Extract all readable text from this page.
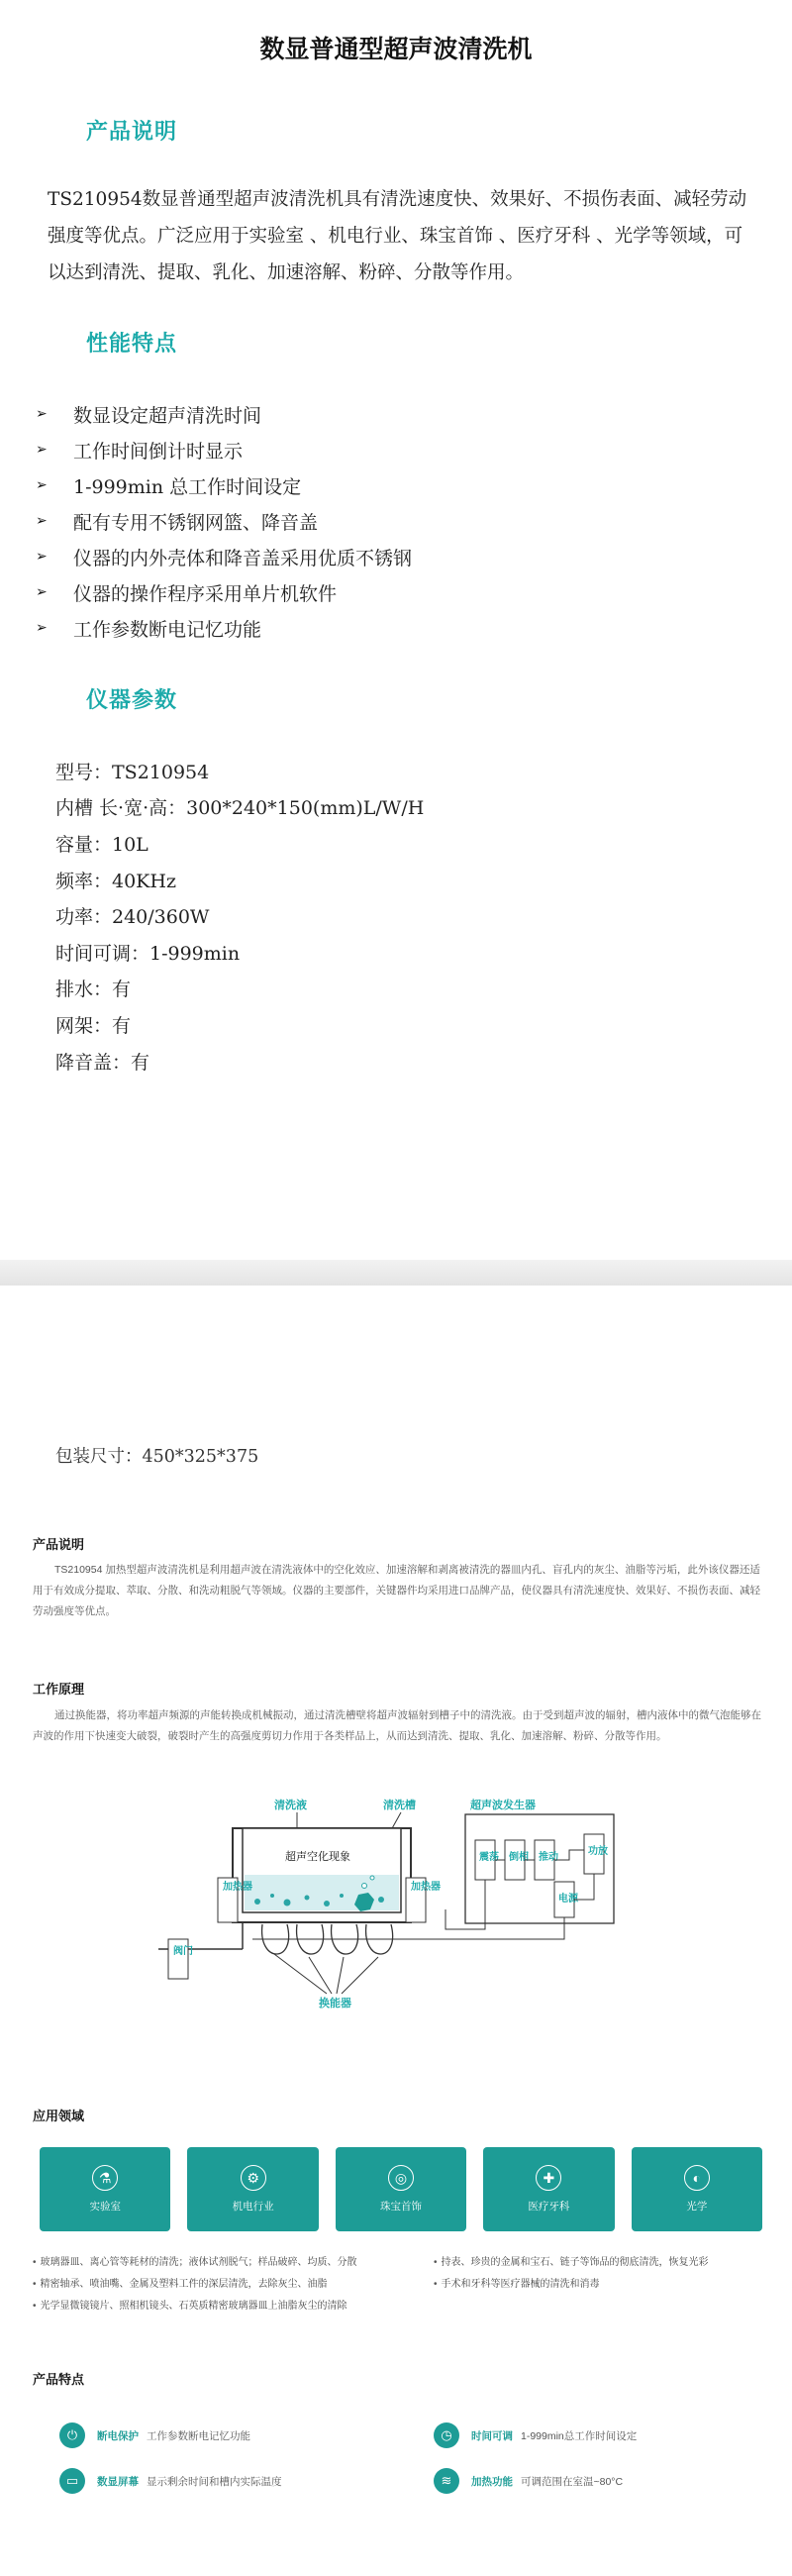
数显普通型超声波清洗机
产品说明
TS210954数显普通型超声波清洗机具有清洗速度快、效果好、不损伤表面、减轻劳动强度等优点。广泛应用于实验室 、机电行业、珠宝首饰 、医疗牙科 、光学等领域，可以达到清洗、提取、乳化、加速溶解、粉碎、分散等作用。
性能特点
➢	数显设定超声清洗时间
➢	工作时间倒计时显示
➢	1-999min 总工作时间设定
➢	配有专用不锈钢网篮、降音盖
➢	仪器的内外壳体和降音盖采用优质不锈钢
➢	仪器的操作程序采用单片机软件
➢	工作参数断电记忆功能
仪器参数
型号：TS210954
内槽 长·宽·高：300*240*150(mm)L/W/H
容量：10L
频率：40KHz
功率：240/360W
时间可调：1-999min
排水：有
网架：有
降音盖：有
包装尺寸：450*325*375
产品说明
TS210954 加热型超声波清洗机是利用超声波在清洗液体中的空化效应、加速溶解和剥离被清洗的器皿内孔、盲孔内的灰尘、油脂等污垢，此外该仪器还适用于有效成分提取、萃取、分散、和洗动粗脱气等领域。仪器的主要部件，关键器件均采用进口品牌产品，使仪器具有清洗速度快、效果好、不损伤表面、减轻劳动强度等优点。
工作原理
通过换能器，将功率超声频源的声能转换成机械振动，通过清洗槽壁将超声波辐射到槽子中的清洗液。由于受到超声波的辐射，槽内液体中的微气泡能够在声波的作用下快速变大破裂，破裂时产生的高强度剪切力作用于各类样品上，从而达到清洗、提取、乳化、加速溶解、粉碎、分散等作用。
清洗液	清洗槽	超声波发生器
超声空化现象
加热器	加热器
换能器
阀门
震荡 倒相 推动
功放
电源
应用领域
⚗
实验室
⚙
机电行业
◎
珠宝首饰
✚
医疗牙科
◐
光学
• 玻璃器皿、离心管等耗材的清洗；液体试剂脱气；样品破碎、均质、分散	• 持表、珍贵的金属和宝石、链子等饰品的彻底清洗，恢复光彩
• 精密轴承、喷油嘴、金属及塑料工件的深层清洗，去除灰尘、油脂	• 手术和牙科等医疗器械的清洗和消毒
• 光学显微镜镜片、照相机镜头、石英质精密玻璃器皿上油脂灰尘的清除
产品特点
⏻	断电保护 工作参数断电记忆功能	◷	时间可调 1-999min总工作时间设定
▭	数显屏幕 显示剩余时间和槽内实际温度	≋	加热功能 可调范围在室温~80°C
